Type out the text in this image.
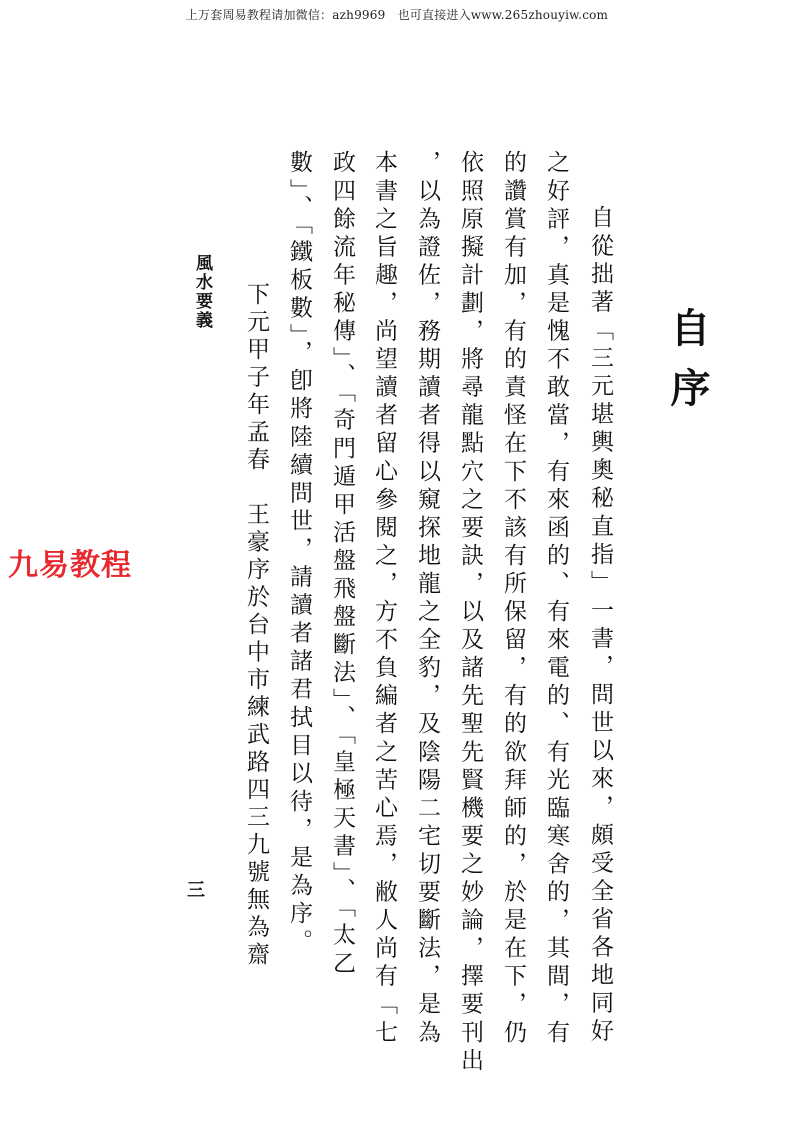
上万套周易教程请加微信：azh9969　也可直接进入www.265zhouyiw.com
自序
自從拙著「三元堪輿奧秘直指」一書，問世以來，頗受全省各地同好
之好評，真是愧不敢當，有來函的、有來電的、有光臨寒舍的，其間，有
的讚賞有加，有的責怪在下不該有所保留，有的欲拜師的，於是在下，仍
依照原擬計劃，將尋龍點穴之要訣，以及諸先聖先賢機要之妙論，擇要刊出
，以為證佐，務期讀者得以窺探地龍之全豹，及陰陽二宅切要斷法，是為
本書之旨趣，尚望讀者留心參閱之，方不負編者之苦心焉，敝人尚有「七
政四餘流年秘傳」、「奇門遁甲活盤飛盤斷法」、「皇極天書」、「太乙
數」、「鐵板數」，卽將陸續問世，請讀者諸君拭目以待，是為序。
下元甲子年孟春　王豪序於台中市練武路四三九號無為齋
風水要義
三
九易教程
